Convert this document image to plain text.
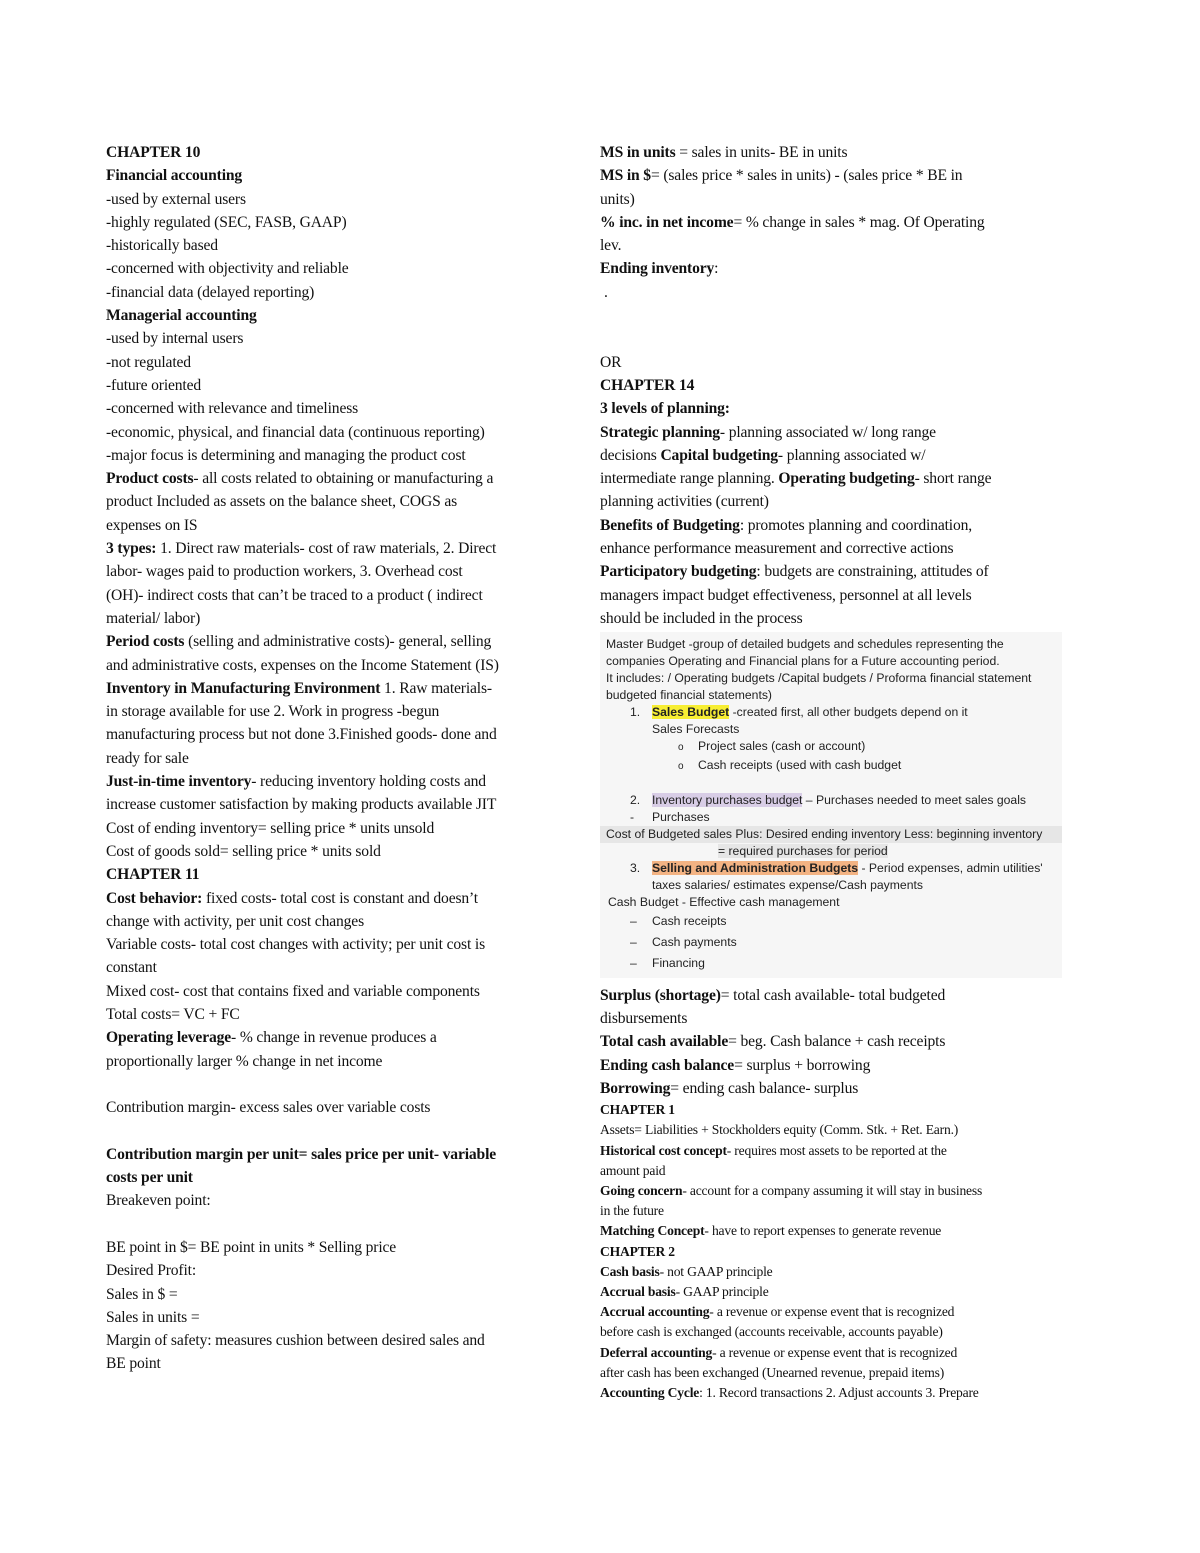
CHAPTER 10
Financial accounting
-used by external users
-highly regulated (SEC, FASB, GAAP)
-historically based
-concerned with objectivity and reliable
-financial data (delayed reporting)
Managerial accounting
-used by internal users
-not regulated
-future oriented
-concerned with relevance and timeliness
-economic, physical, and financial data (continuous reporting)
-major focus is determining and managing the product cost
Product costs- all costs related to obtaining or manufacturing a
product Included as assets on the balance sheet, COGS as
expenses on IS
3 types: 1. Direct raw materials- cost of raw materials, 2. Direct
labor- wages paid to production workers, 3. Overhead cost
(OH)- indirect costs that can’t be traced to a product ( indirect
material/ labor)
Period costs (selling and administrative costs)- general, selling
and administrative costs, expenses on the Income Statement (IS)
Inventory in Manufacturing Environment 1. Raw materials-
in storage available for use 2. Work in progress -begun
manufacturing process but not done 3.Finished goods- done and
ready for sale
Just-in-time inventory- reducing inventory holding costs and
increase customer satisfaction by making products available JIT
Cost of ending inventory= selling price * units unsold
Cost of goods sold= selling price * units sold
CHAPTER 11
Cost behavior: fixed costs- total cost is constant and doesn’t
change with activity, per unit cost changes
Variable costs- total cost changes with activity; per unit cost is
constant
Mixed cost- cost that contains fixed and variable components
Total costs= VC + FC
Operating leverage- % change in revenue produces a
proportionally larger % change in net income
Contribution margin- excess sales over variable costs
Contribution margin per unit= sales price per unit- variable
costs per unit
Breakeven point:
BE point in $= BE point in units * Selling price
Desired Profit:
Sales in $ =
Sales in units =
Margin of safety: measures cushion between desired sales and
BE point
MS in units = sales in units- BE in units
MS in $= (sales price * sales in units) - (sales price * BE in
units)
% inc. in net income= % change in sales * mag. Of Operating
lev.
Ending inventory:
.
OR
CHAPTER 14
3 levels of planning:
Strategic planning- planning associated w/ long range
decisions Capital budgeting- planning associated w/
intermediate range planning. Operating budgeting- short range
planning activities (current)
Benefits of Budgeting: promotes planning and coordination,
enhance performance measurement and corrective actions
Participatory budgeting: budgets are constraining, attitudes of
managers impact budget effectiveness, personnel at all levels
should be included in the process
Master Budget -group of detailed budgets and schedules representing the
companies Operating and Financial plans for a Future accounting period.
It includes: / Operating budgets /Capital budgets / Proforma financial statement
budgeted financial statements)
1. Sales Budget -created first, all other budgets depend on it
Sales Forecasts
o Project sales (cash or account)
o Cash receipts (used with cash budget
2. Inventory purchases budget – Purchases needed to meet sales goals
- Purchases
Cost of Budgeted sales Plus: Desired ending inventory Less: beginning inventory
= required purchases for period
3. Selling and Administration Budgets - Period expenses, admin utilities'
taxes salaries/ estimates expense/Cash payments
Cash Budget - Effective cash management
– Cash receipts
– Cash payments
– Financing
Surplus (shortage)= total cash available- total budgeted
disbursements
Total cash available= beg. Cash balance + cash receipts
Ending cash balance= surplus + borrowing
Borrowing= ending cash balance- surplus
CHAPTER 1
Assets= Liabilities + Stockholders equity (Comm. Stk. + Ret. Earn.)
Historical cost concept- requires most assets to be reported at the
amount paid
Going concern- account for a company assuming it will stay in business
in the future
Matching Concept- have to report expenses to generate revenue
CHAPTER 2
Cash basis- not GAAP principle
Accrual basis- GAAP principle
Accrual accounting- a revenue or expense event that is recognized
before cash is exchanged (accounts receivable, accounts payable)
Deferral accounting- a revenue or expense event that is recognized
after cash has been exchanged (Unearned revenue, prepaid items)
Accounting Cycle: 1. Record transactions 2. Adjust accounts 3. Prepare
